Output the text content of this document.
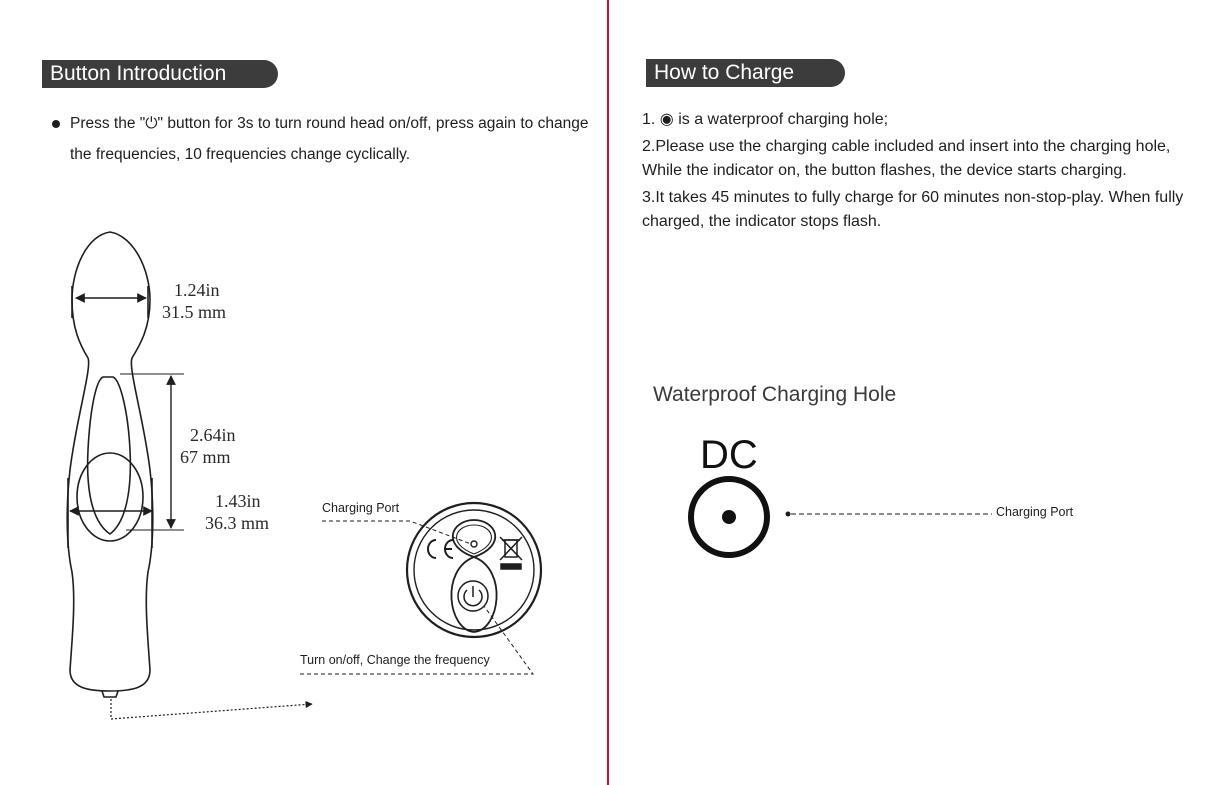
Button Introduction
Press the "⏻" button for 3s to turn round head on/off, press again to change the frequencies, 10 frequencies change cyclically.
1.24in
31.5 mm
2.64in
67 mm
1.43in
36.3 mm
Charging Port
Turn on/off, Change the frequency
How to Charge

1. ◉ is a waterproof charging hole;

2.Please use the charging cable included and insert into the charging hole, While the indicator on, the button flashes, the device starts charging.

3.It takes 45 minutes to fully charge for 60 minutes non-stop-play. When fully charged, the indicator stops flash.

Waterproof Charging Hole
DC
Charging Port
